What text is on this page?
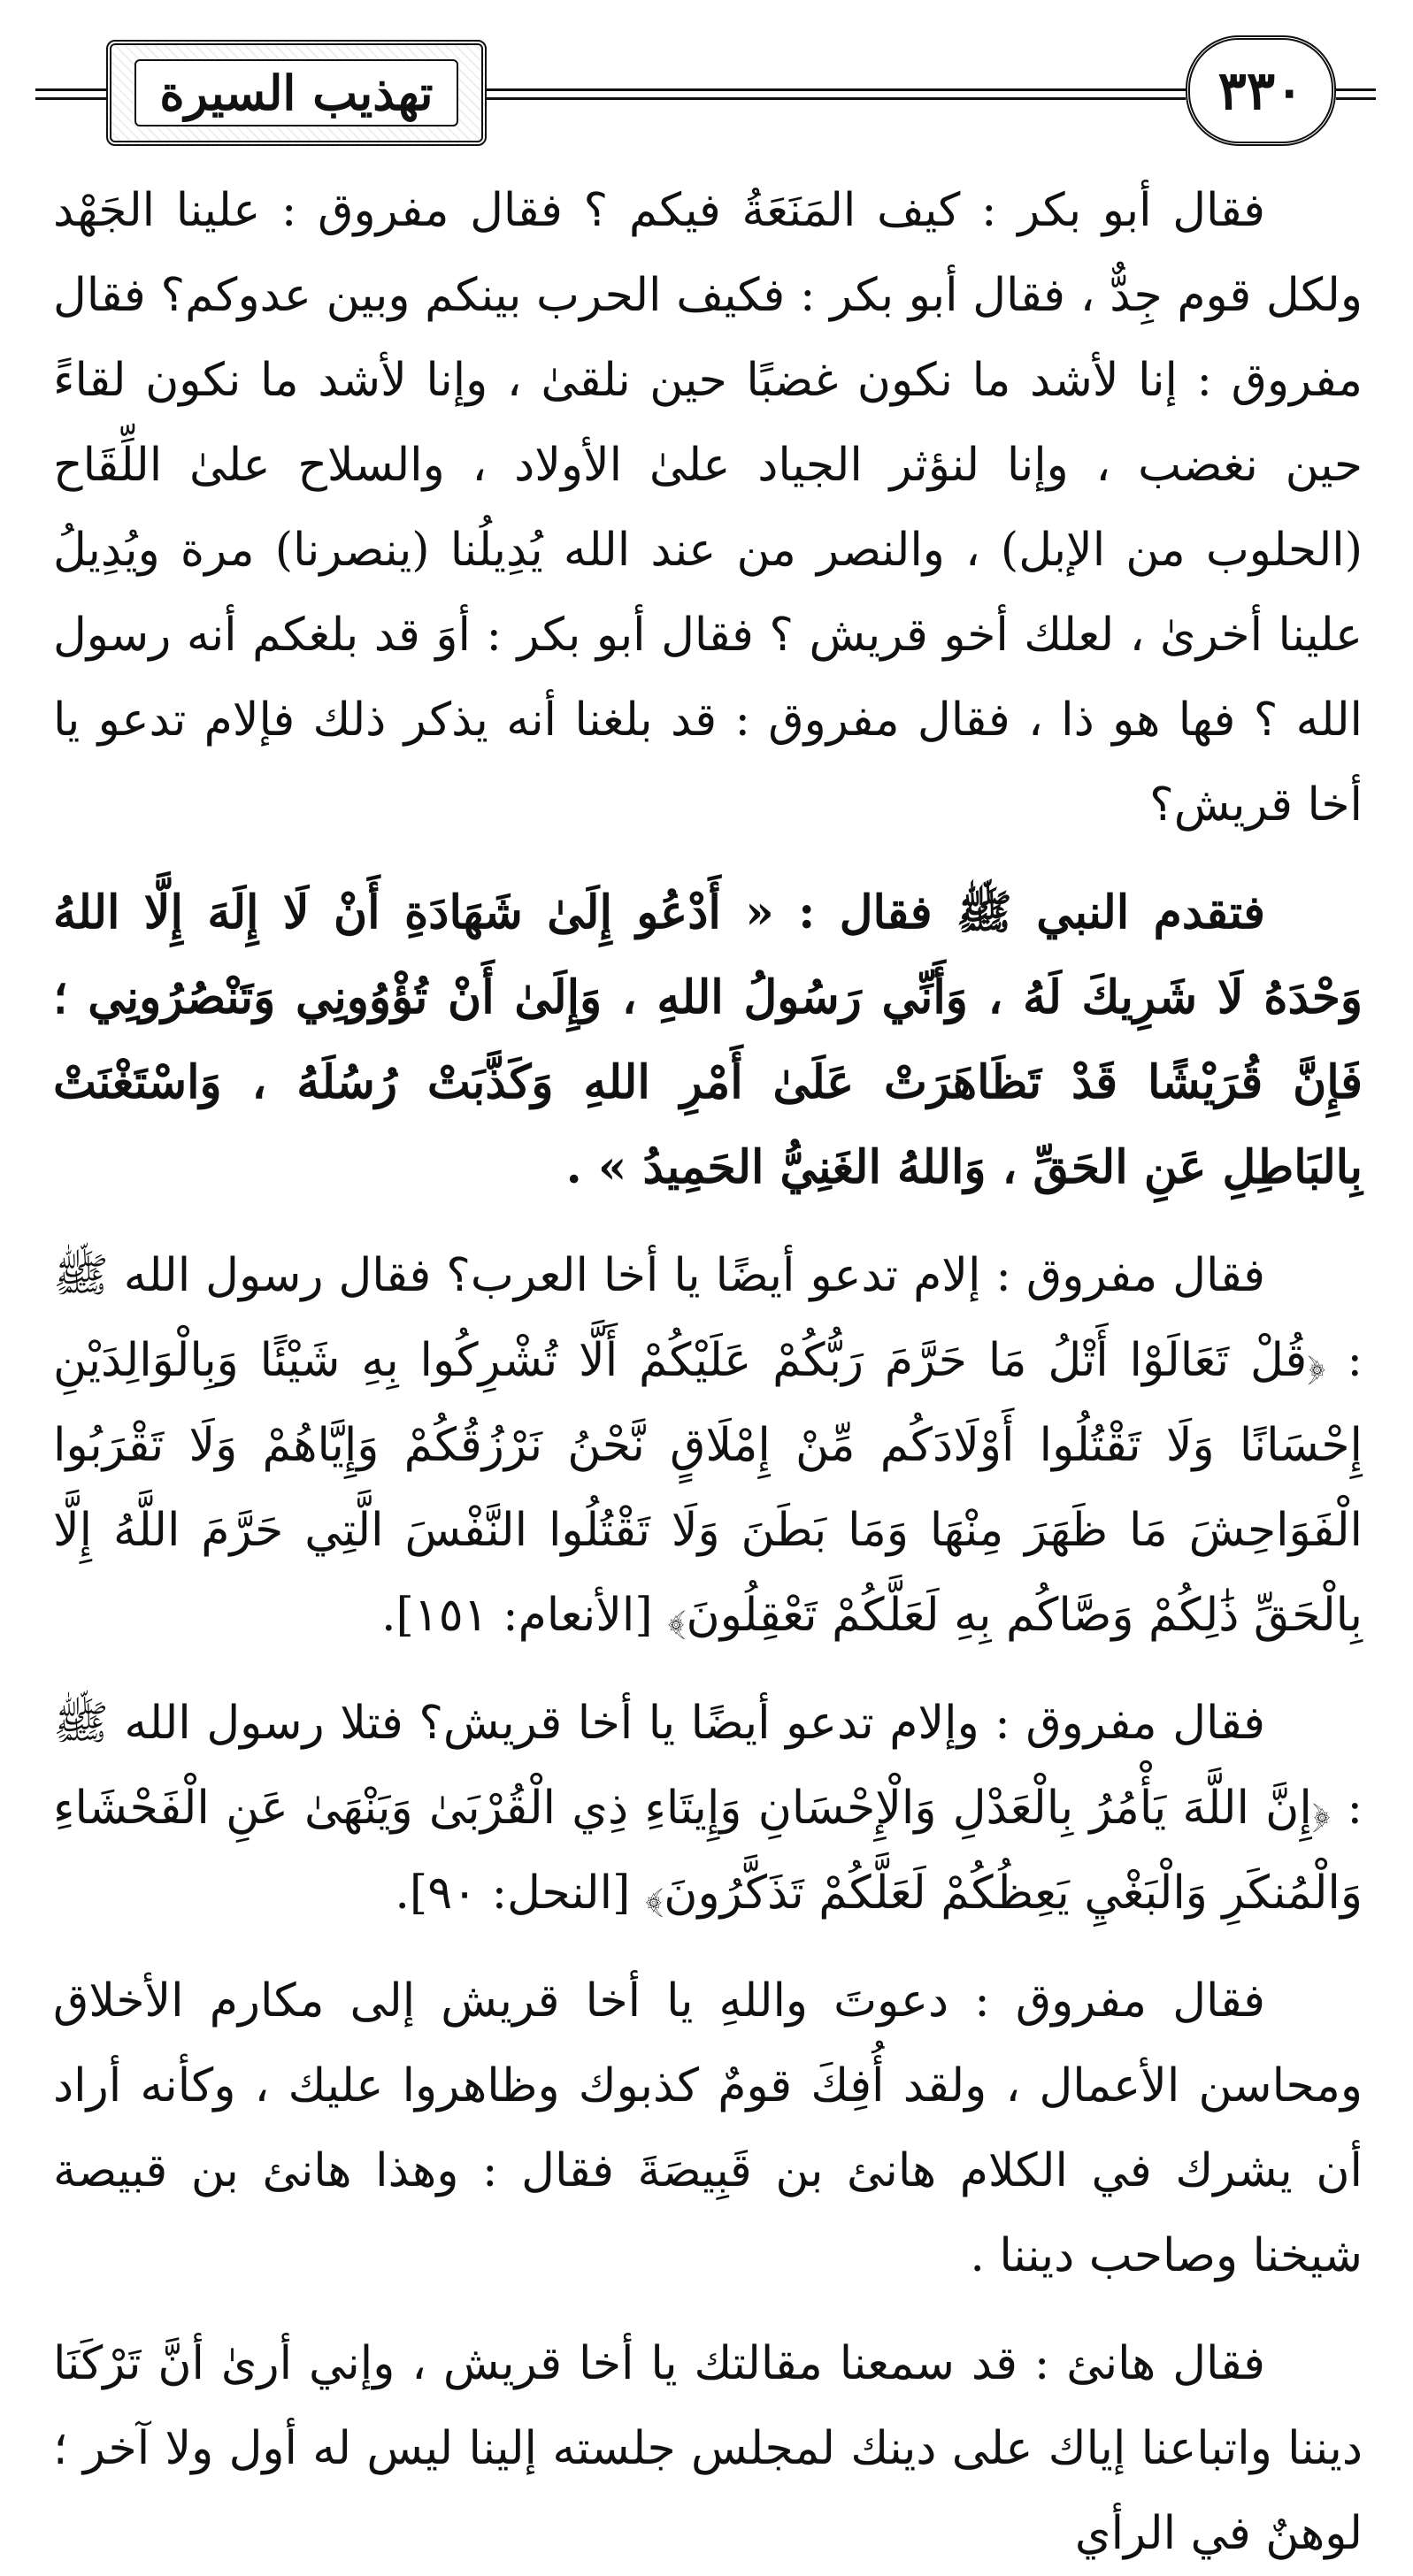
تهذيب السيرة	٣٣٠

فقال أبو بكر : كيف المَنَعَةُ فيكم ؟ فقال مفروق : علينا الجَهْد ولكل قوم جِدٌّ ، فقال أبو بكر : فكيف الحرب بينكم وبين عدوكم؟ فقال مفروق : إنا لأشد ما نكون غضبًا حين نلقىٰ ، وإنا لأشد ما نكون لقاءً حين نغضب ، وإنا لنؤثر الجياد علىٰ الأولاد ، والسلاح علىٰ اللِّقَاح (الحلوب من الإبل) ، والنصر من عند الله يُدِيلُنا (ينصرنا) مرة ويُدِيلُ علينا أخرىٰ ، لعلك أخو قريش ؟ فقال أبو بكر : أوَ قد بلغكم أنه رسول الله ؟ فها هو ذا ، فقال مفروق : قد بلغنا أنه يذكر ذلك فإلام تدعو يا أخا قريش؟

فتقدم النبي ﷺ فقال : « أَدْعُو إِلَىٰ شَهَادَةِ أَنْ لَا إِلَهَ إِلَّا اللهُ وَحْدَهُ لَا شَرِيكَ لَهُ ، وَأَنِّي رَسُولُ اللهِ ، وَإِلَىٰ أَنْ تُؤْوُونِي وَتَنْصُرُونِي ؛ فَإِنَّ قُرَيْشًا قَدْ تَظَاهَرَتْ عَلَىٰ أَمْرِ اللهِ وَكَذَّبَتْ رُسُلَهُ ، وَاسْتَغْنَتْ بِالبَاطِلِ عَنِ الحَقِّ ، وَاللهُ الغَنِيُّ الحَمِيدُ » .

فقال مفروق : إلام تدعو أيضًا يا أخا العرب؟ فقال رسول الله ﷺ : ﴿قُلْ تَعَالَوْا أَتْلُ مَا حَرَّمَ رَبُّكُمْ عَلَيْكُمْ أَلَّا تُشْرِكُوا بِهِ شَيْئًا وَبِالْوَالِدَيْنِ إِحْسَانًا وَلَا تَقْتُلُوا أَوْلَادَكُم مِّنْ إِمْلَاقٍ نَّحْنُ نَرْزُقُكُمْ وَإِيَّاهُمْ وَلَا تَقْرَبُوا الْفَوَاحِشَ مَا ظَهَرَ مِنْهَا وَمَا بَطَنَ وَلَا تَقْتُلُوا النَّفْسَ الَّتِي حَرَّمَ اللَّهُ إِلَّا بِالْحَقِّ ذَٰلِكُمْ وَصَّاكُم بِهِ لَعَلَّكُمْ تَعْقِلُونَ﴾ [الأنعام: ١٥١].

فقال مفروق : وإلام تدعو أيضًا يا أخا قريش؟ فتلا رسول الله ﷺ : ﴿إِنَّ اللَّهَ يَأْمُرُ بِالْعَدْلِ وَالْإِحْسَانِ وَإِيتَاءِ ذِي الْقُرْبَىٰ وَيَنْهَىٰ عَنِ الْفَحْشَاءِ وَالْمُنكَرِ وَالْبَغْيِ يَعِظُكُمْ لَعَلَّكُمْ تَذَكَّرُونَ﴾ [النحل: ٩٠].

فقال مفروق : دعوتَ واللهِ يا أخا قريش إلى مكارم الأخلاق ومحاسن الأعمال ، ولقد أُفِكَ قومٌ كذبوك وظاهروا عليك ، وكأنه أراد أن يشرك في الكلام هانئ بن قَبِيصَةَ فقال : وهذا هانئ بن قبيصة شيخنا وصاحب ديننا .

فقال هانئ : قد سمعنا مقالتك يا أخا قريش ، وإني أرىٰ أنَّ تَرْكَنَا ديننا واتباعنا إياك على دينك لمجلس جلسته إلينا ليس له أول ولا آخر ؛ لوهنٌ في الرأي
